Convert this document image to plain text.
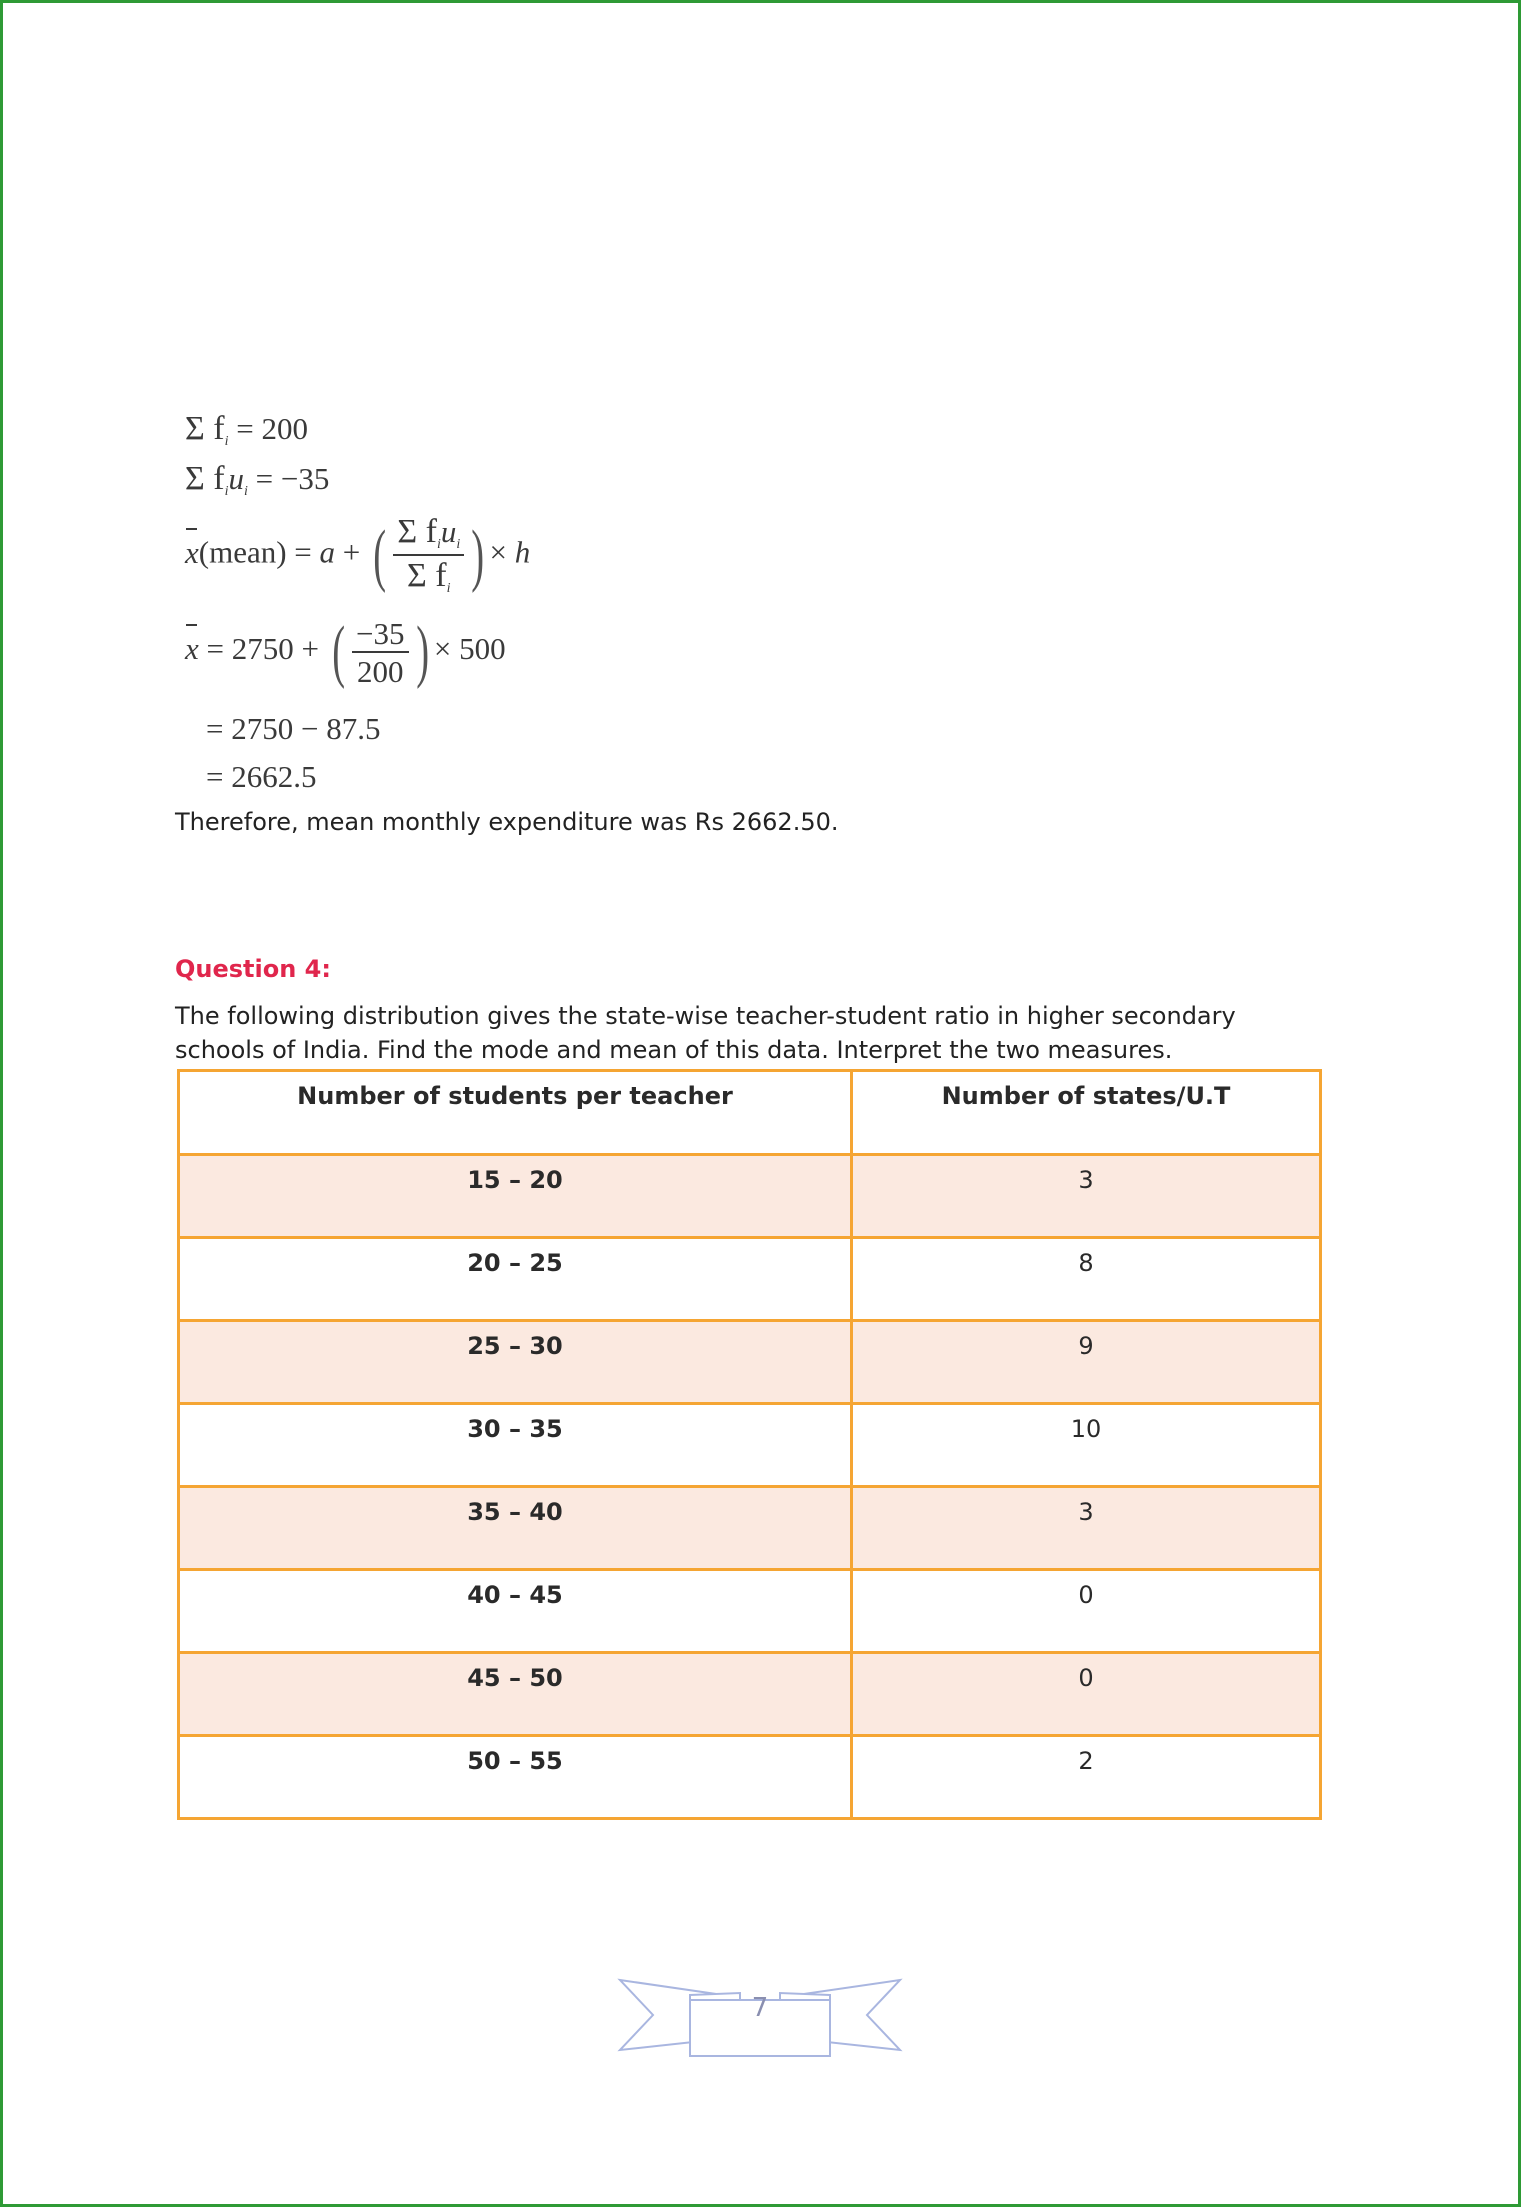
Σ $f_i = 200$
Σ $f_iu_i = -35$
x(mean) = a + ( $\frac{\Sigma f_iu_i}{\Sigma f_i}$ ) × h
x = 2750 + ( $\frac{-35}{200}$ ) × 500
= 2750 − 87.5
= 2662.5
Therefore, mean monthly expenditure was Rs 2662.50.
Question 4:
The following distribution gives the state-wise teacher-student ratio in higher secondary
schools of India. Find the mode and mean of this data. Interpret the two measures.
Number of students per teacher	Number of states/U.T
15 – 20	3
20 – 25	8
25 – 30	9
30 – 35	10
35 – 40	3
40 – 45	0
45 – 50	0
50 – 55	2
7
